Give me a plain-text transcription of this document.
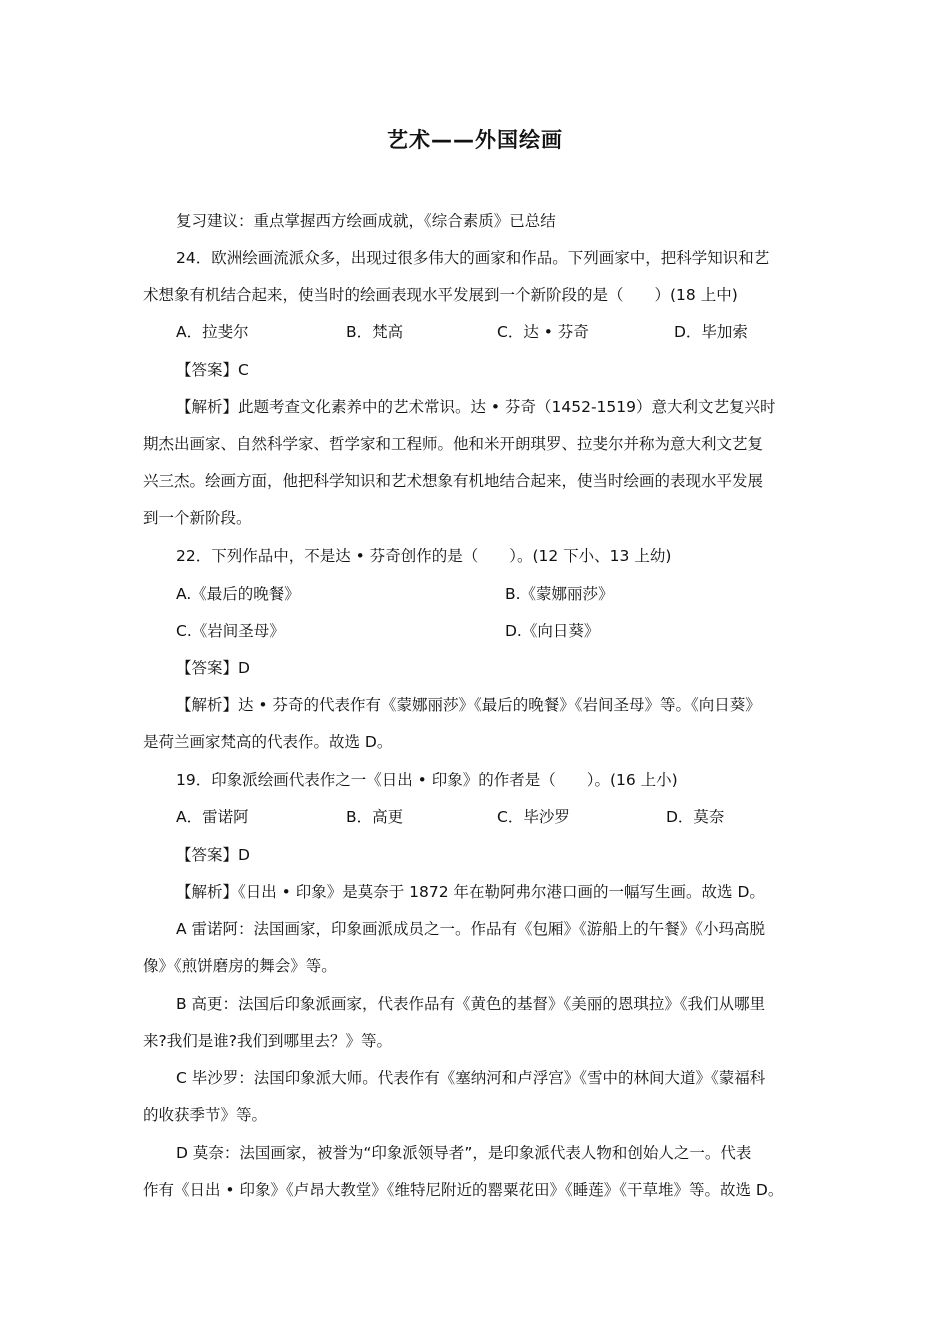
艺术——外国绘画
复习建议：重点掌握西方绘画成就，《综合素质》已总结
24．欧洲绘画流派众多，出现过很多伟大的画家和作品。下列画家中，把科学知识和艺
术想象有机结合起来，使当时的绘画表现水平发展到一个新阶段的是（　　）(18 上中)
A．拉斐尔	B．梵高	C．达 • 芬奇	D．毕加索
【答案】C
【解析】此题考查文化素养中的艺术常识。达 • 芬奇（1452-1519）意大利文艺复兴时
期杰出画家、自然科学家、哲学家和工程师。他和米开朗琪罗、拉斐尔并称为意大利文艺复
兴三杰。绘画方面，他把科学知识和艺术想象有机地结合起来，使当时绘画的表现水平发展
到一个新阶段。
22．下列作品中，不是达 • 芬奇创作的是（　　）。(12 下小、13 上幼)
A.《最后的晚餐》	B.《蒙娜丽莎》
C.《岩间圣母》	D.《向日葵》
【答案】D
【解析】达 • 芬奇的代表作有《蒙娜丽莎》《最后的晚餐》《岩间圣母》等。《向日葵》
是荷兰画家梵高的代表作。故选 D。
19．印象派绘画代表作之一《日出 • 印象》的作者是（　　）。(16 上小)
A．雷诺阿	B．高更	C．毕沙罗	D．莫奈
【答案】D
【解析】《日出 • 印象》是莫奈于 1872 年在勒阿弗尔港口画的一幅写生画。故选 D。
A 雷诺阿：法国画家，印象画派成员之一。作品有《包厢》《游船上的午餐》《小玛高脱
像》《煎饼磨房的舞会》等。
B 高更：法国后印象派画家，代表作品有《黄色的基督》《美丽的恩琪拉》《我们从哪里
来?我们是谁?我们到哪里去？》等。
C 毕沙罗：法国印象派大师。代表作有《塞纳河和卢浮宫》《雪中的林间大道》《蒙福科
的收获季节》等。
D 莫奈：法国画家，被誉为“印象派领导者”，是印象派代表人物和创始人之一。代表
作有《日出 • 印象》《卢昂大教堂》《维特尼附近的罂粟花田》《睡莲》《干草堆》等。故选 D。
